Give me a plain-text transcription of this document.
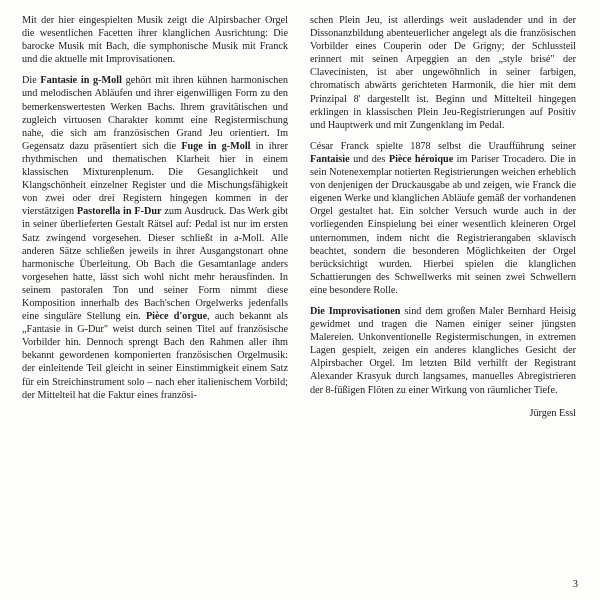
Mit der hier eingespielten Musik zeigt die Alpirsbacher Orgel die wesentlichen Facetten ihrer klanglichen Ausrichtung: Die barocke Musik mit Bach, die symphonische Musik mit Franck und die aktuelle mit Improvisationen.

Die Fantasie in g-Moll gehört mit ihren kühnen harmonischen und melodischen Abläufen und ihrer eigenwilligen Form zu den bemerkenswertesten Werken Bachs. Ihrem gravitätischen und zugleich virtuosen Charakter kommt eine Registermischung nahe, die sich am französischen Grand Jeu orientiert. Im Gegensatz dazu präsentiert sich die Fuge in g-Moll in ihrer rhythmischen und thematischen Klarheit hier in einem klassischen Mixturenplenum. Die Gesanglichkeit und Klangschönheit einzelner Register und die Mischungsfähigkeit von zwei oder drei Registern hingegen kommen in der vierstätzigen Pastorella in F-Dur zum Ausdruck. Das Werk gibt in seiner überlieferten Gestalt Rätsel auf: Pedal ist nur im ersten Satz zwingend vorgesehen. Dieser schließt in a-Moll. Alle anderen Sätze schließen jeweils in ihrer Ausgangstonart ohne harmonische Überleitung. Ob Bach die Gesamtanlage anders vorgesehen hatte, lässt sich wohl nicht mehr herausfinden. In seinem pastoralen Ton und seiner Form nimmt diese Komposition innerhalb des Bach'schen Orgelwerks jedenfalls eine singuläre Stellung ein. Pièce d'orgue, auch bekannt als „Fantasie in G-Dur" weist durch seinen Titel auf französische Vorbilder hin. Dennoch sprengt Bach den Rahmen aller ihm bekannt gewordenen komponierten französischen Orgelmusik: der einleitende Teil gleicht in seiner Einstimmigkeit einem Satz für ein Streichinstrument solo – nach eher italienischem Vorbild; der Mittelteil hat die Faktur eines französi-

schen Plein Jeu, ist allerdings weit ausladender und in der Dissonanzbildung abenteuerlicher angelegt als die französischen Vorbilder eines Couperin oder De Grigny; der Schlussteil erinnert mit seinen Arpeggien an den „style brisé" der Clavecinisten, ist aber ungewöhnlich in seiner farbigen, chromatisch abwärts gerichteten Harmonik, die hier mit dem Prinzipal 8' dargestellt ist. Beginn und Mittelteil hingegen erklingen in klassischen Plein Jeu-Registrierungen auf Positiv und Hauptwerk und mit Zungenklang im Pedal.

César Franck spielte 1878 selbst die Uraufführung seiner Fantaisie und des Pièce héroique im Pariser Trocadero. Die in sein Notenexemplar notierten Registrierungen weichen erheblich von denjenigen der Druckausgabe ab und zeigen, wie Franck die eigenen Werke und klanglichen Abläufe gemäß der vorhandenen Orgel gestaltet hat. Ein solcher Versuch wurde auch in der vorliegenden Einspielung bei einer wesentlich kleineren Orgel unternommen, indem nicht die Registrierangaben sklavisch beachtet, sondern die besonderen Möglichkeiten der Orgel berücksichtigt wurden. Hierbei spielen die klanglichen Schattierungen des Schwellwerks mit seinen zwei Schwellern eine besondere Rolle.

Die Improvisationen sind dem großen Maler Bernhard Heisig gewidmet und tragen die Namen einiger seiner jüngsten Malereien. Unkonventionelle Registermischungen, in extremen Lagen gespielt, zeigen ein anderes klangliches Gesicht der Alpirsbacher Orgel. Im letzten Bild verhilft der Registrant Alexander Krasyuk durch langsames, manuelles Abregistrieren der 8-füßigen Flöten zu einer Wirkung von räumlicher Tiefe.

Jürgen Essl
3
